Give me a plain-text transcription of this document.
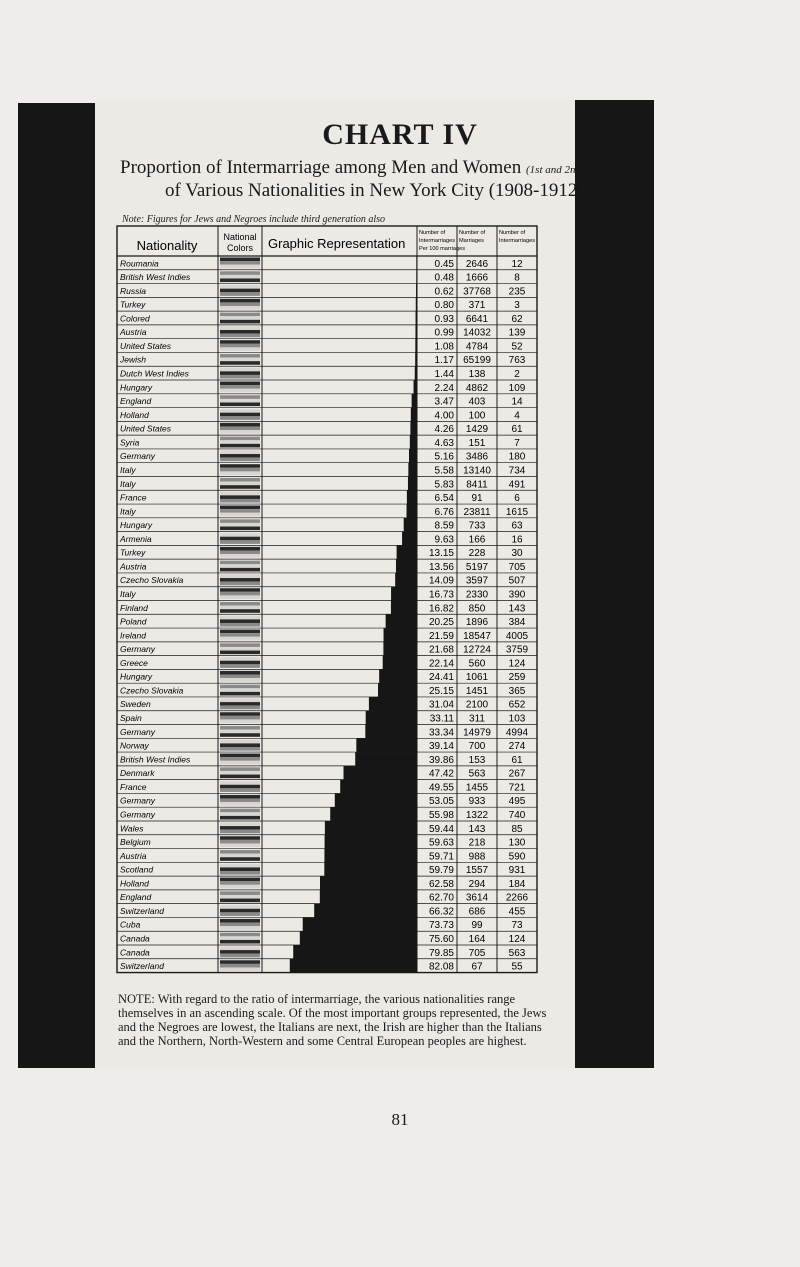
CHART IV
Proportion of Intermarriage among Men and Women (1st and 2nd Generation)
of Various Nationalities in New York City (1908-1912)
Note: Figures for Jews and Negroes include third generation also
Nationality
National
Colors Graphic Representation
Number of
Intermarriages
Per 100 marriages
Number of
Marriages
Number of
Intermarriages
Roumania	0.45 2646 12
British West Indies	0.48 1666	8
Russia	0.62 37768 235
Turkey	0.80 371	3
Colored	0.93 6641 62
Austria	0.99 14032 139
United States	1.08 4784 52
Jewish	1.17 65199 763
Dutch West Indies	1.44 138	2
Hungary	2.24 4862 109
England	3.47 403	14
Holland	4.00 100	4
United States	4.26 1429 61
Syria	4.63 151	7
Germany	5.16 3486 180
Italy	5.58 13140 734
Italy	5.83 8411 491
France	6.54 91	6
Italy	6.76 23811 1615
Hungary	8.59 733	63
Armenia	9.63 166	16
Turkey	13.15 228	30
Austria	13.56 5197 705
Czecho Slovakia	14.09 3597 507
Italy	16.73 2330 390
Finland	16.82 850 143
Poland	20.25 1896 384
Ireland	21.59 18547 4005
Germany	21.68 12724 3759
Greece	22.14 560 124
Hungary	24.41 1061 259
Czecho Slovakia	25.15 1451 365
Sweden	31.04 2100 652
Spain	33.11 311 103
Germany	33.34 14979 4994
Norway	39.14 700 274
British West Indies	39.86 153	61
Denmark	47.42 563 267
France	49.55 1455 721
Germany	53.05 933 495
Germany	55.98 1322 740
Wales	59.44 143	85
Belgium	59.63 218 130
Austria	59.71 988 590
Scotland	59.79 1557 931
Holland	62.58 294 184
England	62.70 3614 2266
Switzerland	66.32 686 455
Cuba	73.73 99	73
Canada	75.60 164 124
Canada	79.85 705 563
Switzerland	82.08 67	55
NOTE: With regard to the ratio of intermarriage, the various nationalities range themselves in an ascending scale. Of the most important groups represented, the Jews and the Negroes are lowest, the Italians are next, the Irish are higher than the Italians and the Northern, North-Western and some Central European peoples are highest.
81
